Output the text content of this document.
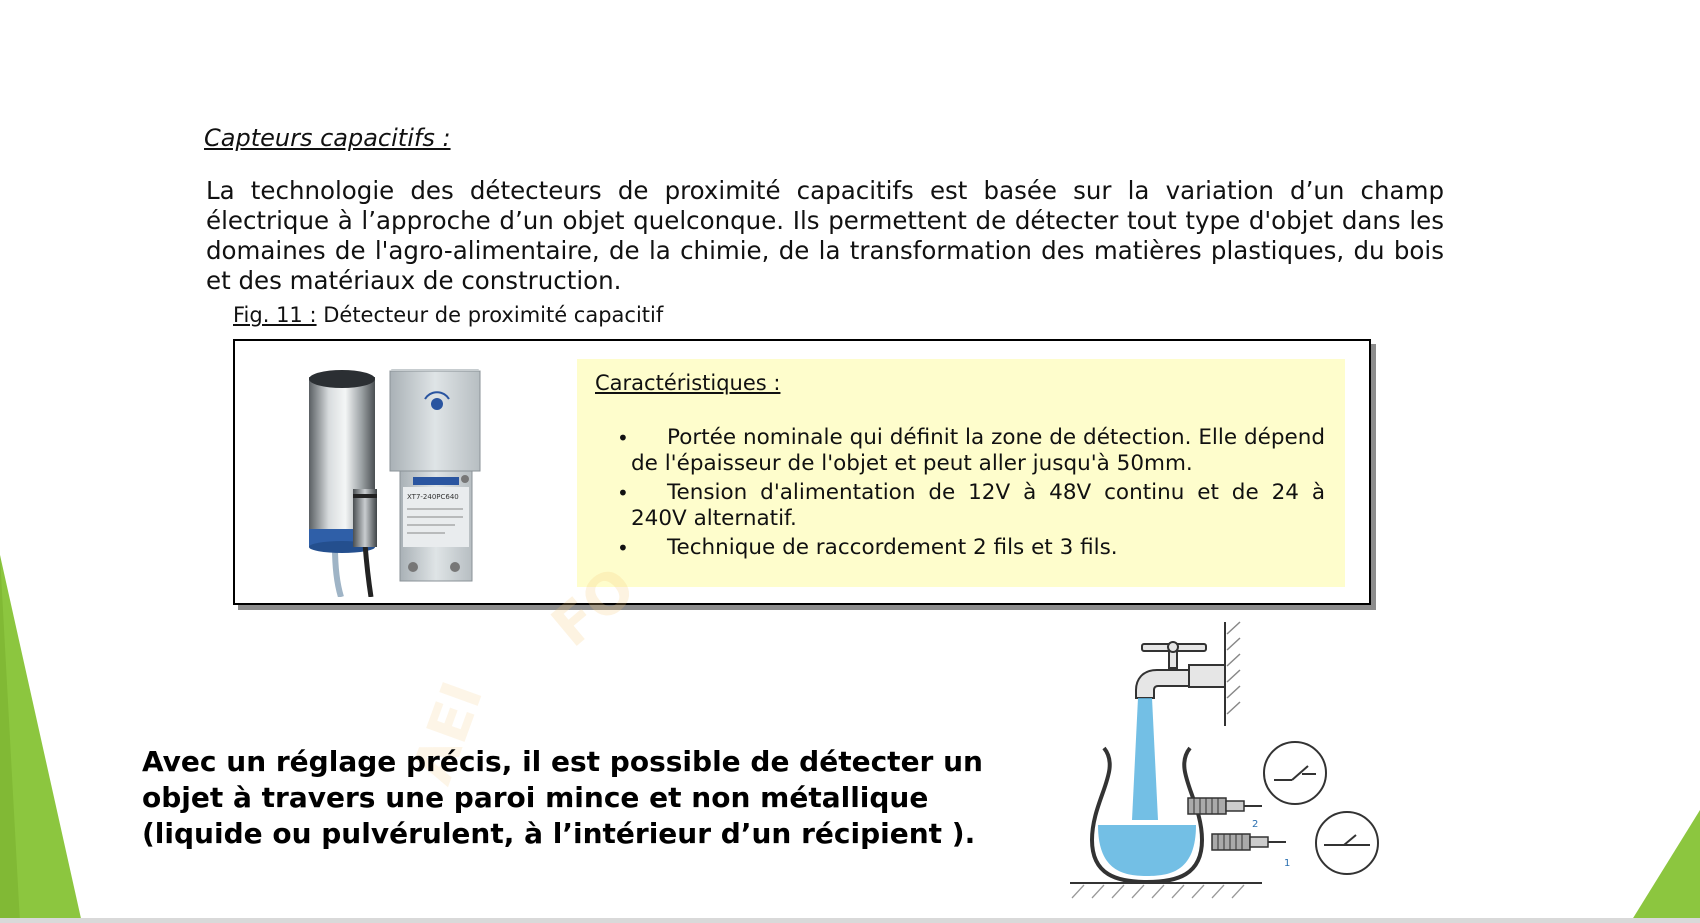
Capteurs capacitifs :

La technologie des détecteurs de proximité capacitifs est basée sur la variation d’un champ électrique à l’approche d’un objet quelconque. Ils permettent de détecter tout type d'objet dans les domaines de l'agro-alimentaire, de la chimie, de la transformation des matières plastiques, du bois et des matériaux de construction.

Fig. 11 : Détecteur de proximité capacitif
XT7-240PC640
Caractéristiques :
•	Portée nominale qui définit la zone de détection. Elle dépend de l'épaisseur de l'objet et peut aller jusqu'à 50mm.
•	Tension d'alimentation de 12V à 48V continu et de 24 à 240V alternatif.
•	Technique de raccordement 2 fils et 3 fils.
FO
AEI

Avec un réglage précis, il est possible de détecter un objet à travers une paroi mince et non métallique (liquide ou pulvérulent, à l’intérieur d’un récipient ).	2
1
